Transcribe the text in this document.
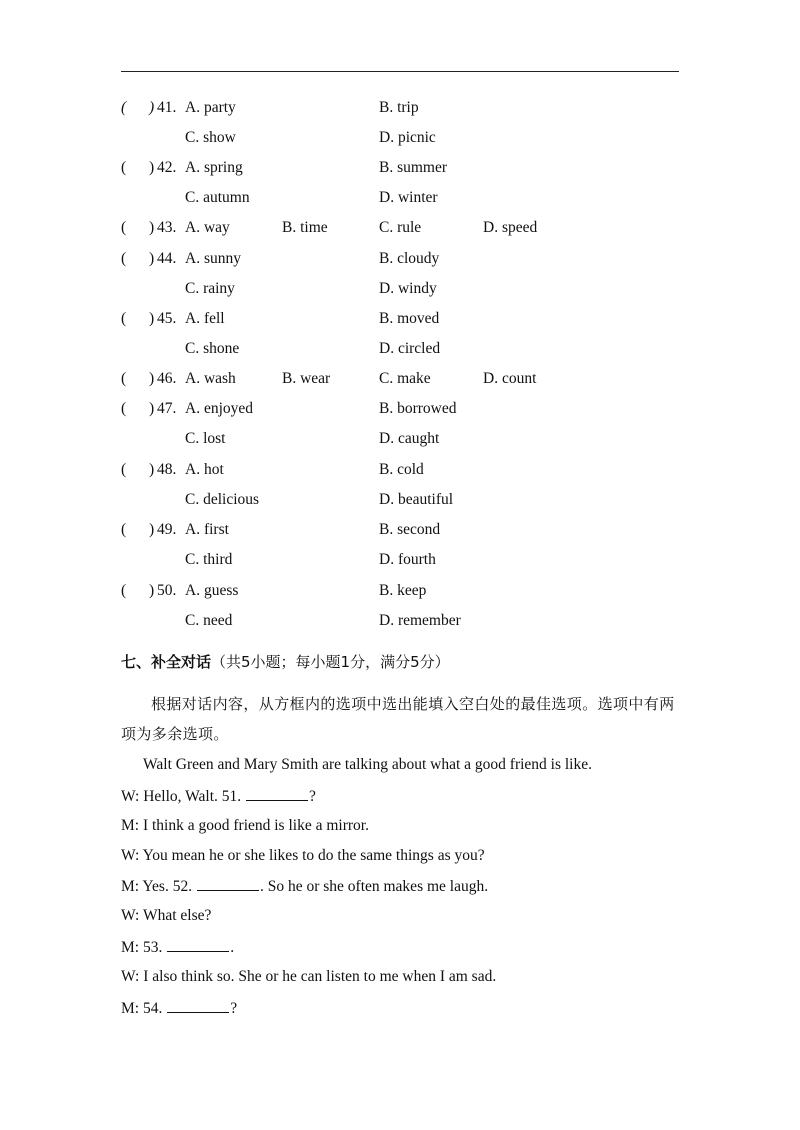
( ) 41. A. party	B. trip
C. show	D. picnic
( ) 42. A. spring	B. summer
C. autumn	D. winter
( ) 43. A. way	B. time	C. rule	D. speed
( ) 44. A. sunny	B. cloudy
C. rainy	D. windy
( ) 45. A. fell	B. moved
C. shone	D. circled
( ) 46. A. wash	B. wear	C. make	D. count
( ) 47. A. enjoyed	B. borrowed
C. lost	D. caught
( ) 48. A. hot	B. cold
C. delicious	D. beautiful
( ) 49. A. first	B. second
C. third	D. fourth
( ) 50. A. guess	B. keep
C. need	D. remember
七、补全对话（共5小题；每小题1分，满分5分）
根据对话内容，从方框内的选项中选出能填入空白处的最佳选项。选项中有两项为多余选项。
Walt Green and Mary Smith are talking about what a good friend is like.
W: Hello, Walt. 51.	?
M: I think a good friend is like a mirror.
W: You mean he or she likes to do the same things as you?
M: Yes. 52.	. So he or she often makes me laugh.
W: What else?
M: 53.	.
W: I also think so. She or he can listen to me when I am sad.
M: 54.	?
